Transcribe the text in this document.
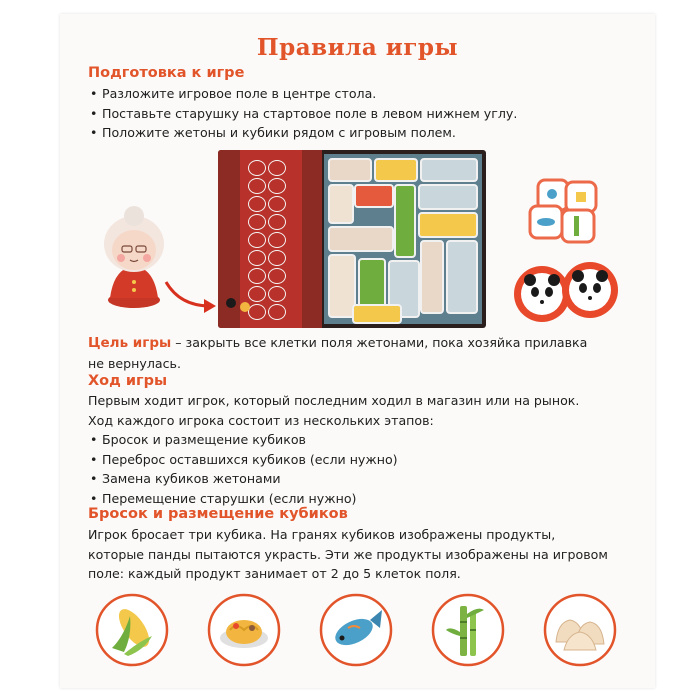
Правила игры
Подготовка к игре
• Разложите игровое поле в центре стола.
• Поставьте старушку на стартовое поле в левом нижнем углу.
• Положите жетоны и кубики рядом с игровым полем.
Цель игры – закрыть все клетки поля жетонами, пока хозяйка прилавка
не вернулась.
Ход игры
Первым ходит игрок, который последним ходил в магазин или на рынок.
Ход каждого игрока состоит из нескольких этапов:
• Бросок и размещение кубиков
• Переброс оставшихся кубиков (если нужно)
• Замена кубиков жетонами
• Перемещение старушки (если нужно)
Бросок и размещение кубиков
Игрок бросает три кубика. На гранях кубиков изображены продукты,
которые панды пытаются украсть. Эти же продукты изображены на игровом
поле: каждый продукт занимает от 2 до 5 клеток поля.
